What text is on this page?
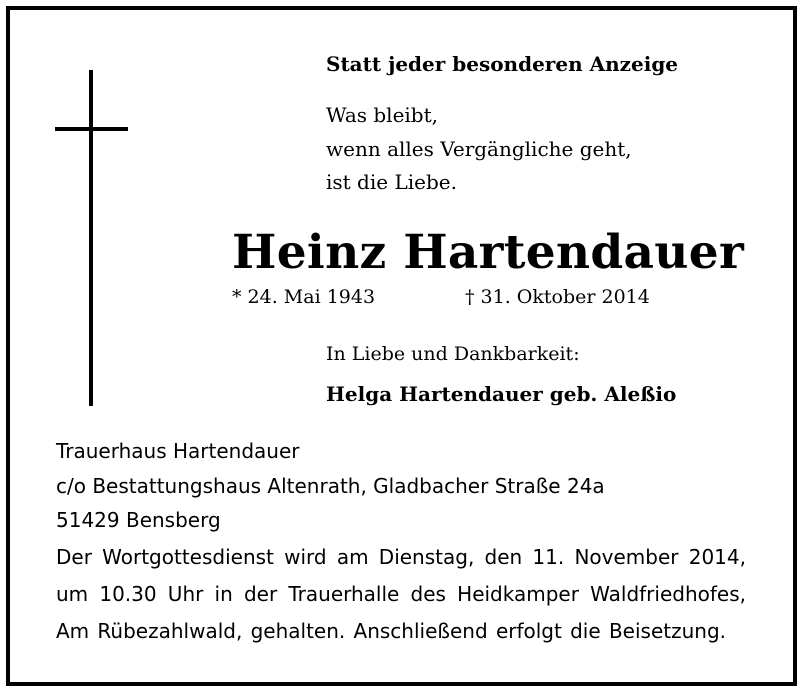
Statt jeder besonderen Anzeige
Was bleibt,
wenn alles Vergängliche geht,
ist die Liebe.
Heinz Hartendauer
* 24. Mai 1943	† 31. Oktober 2014
In Liebe und Dankbarkeit:
Helga Hartendauer geb. Aleßio
Trauerhaus Hartendauer
c/o Bestattungshaus Altenrath, Gladbacher Straße 24a
51429 Bensberg
Der Wortgottesdienst wird am Dienstag, den 11. November 2014,
um 10.30 Uhr in der Trauerhalle des Heidkamper Waldfriedhofes,
Am Rübezahlwald, gehalten. Anschließend erfolgt die Beisetzung.
